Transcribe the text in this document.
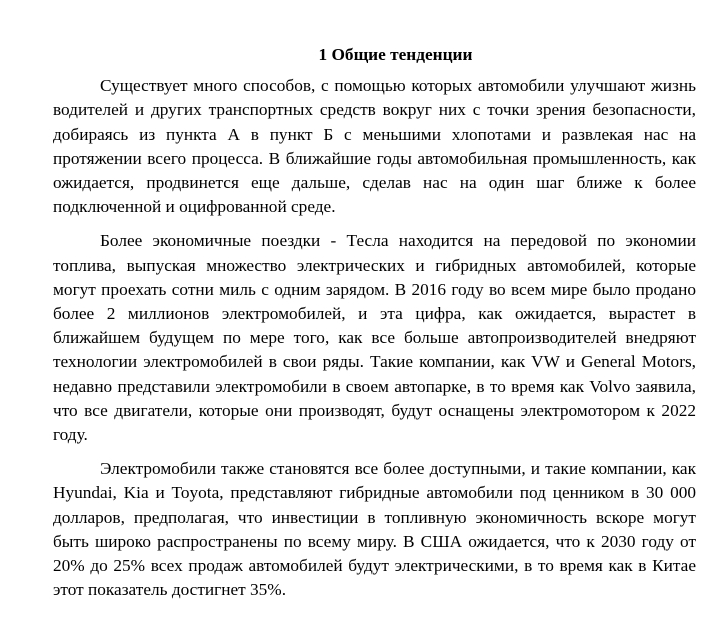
1 Общие тенденции

Существует много способов, с помощью которых автомобили улучшают жизнь водителей и других транспортных средств вокруг них с точки зрения безопасности, добираясь из пункта А в пункт Б с меньшими хлопотами и развлекая нас на протяжении всего процесса. В ближайшие годы автомобильная промышленность, как ожидается, продвинется еще дальше, сделав нас на один шаг ближе к более подключенной и оцифрованной среде.

Более экономичные поездки - Тесла находится на передовой по экономии топлива, выпуская множество электрических и гибридных автомобилей, которые могут проехать сотни миль с одним зарядом. В 2016 году во всем мире было продано более 2 миллионов электромобилей, и эта цифра, как ожидается, вырастет в ближайшем будущем по мере того, как все больше автопроизводителей внедряют технологии электромобилей в свои ряды. Такие компании, как VW и General Motors, недавно представили электромобили в своем автопарке, в то время как Volvo заявила, что все двигатели, которые они производят, будут оснащены электромотором к 2022 году.

Электромобили также становятся все более доступными, и такие компании, как Hyundai, Kia и Toyota, представляют гибридные автомобили под ценником в 30 000 долларов, предполагая, что инвестиции в топливную экономичность вскоре могут быть широко распространены по всему миру. В США ожидается, что к 2030 году от 20% до 25% всех продаж автомобилей будут электрическими, в то время как в Китае этот показатель достигнет 35%.
